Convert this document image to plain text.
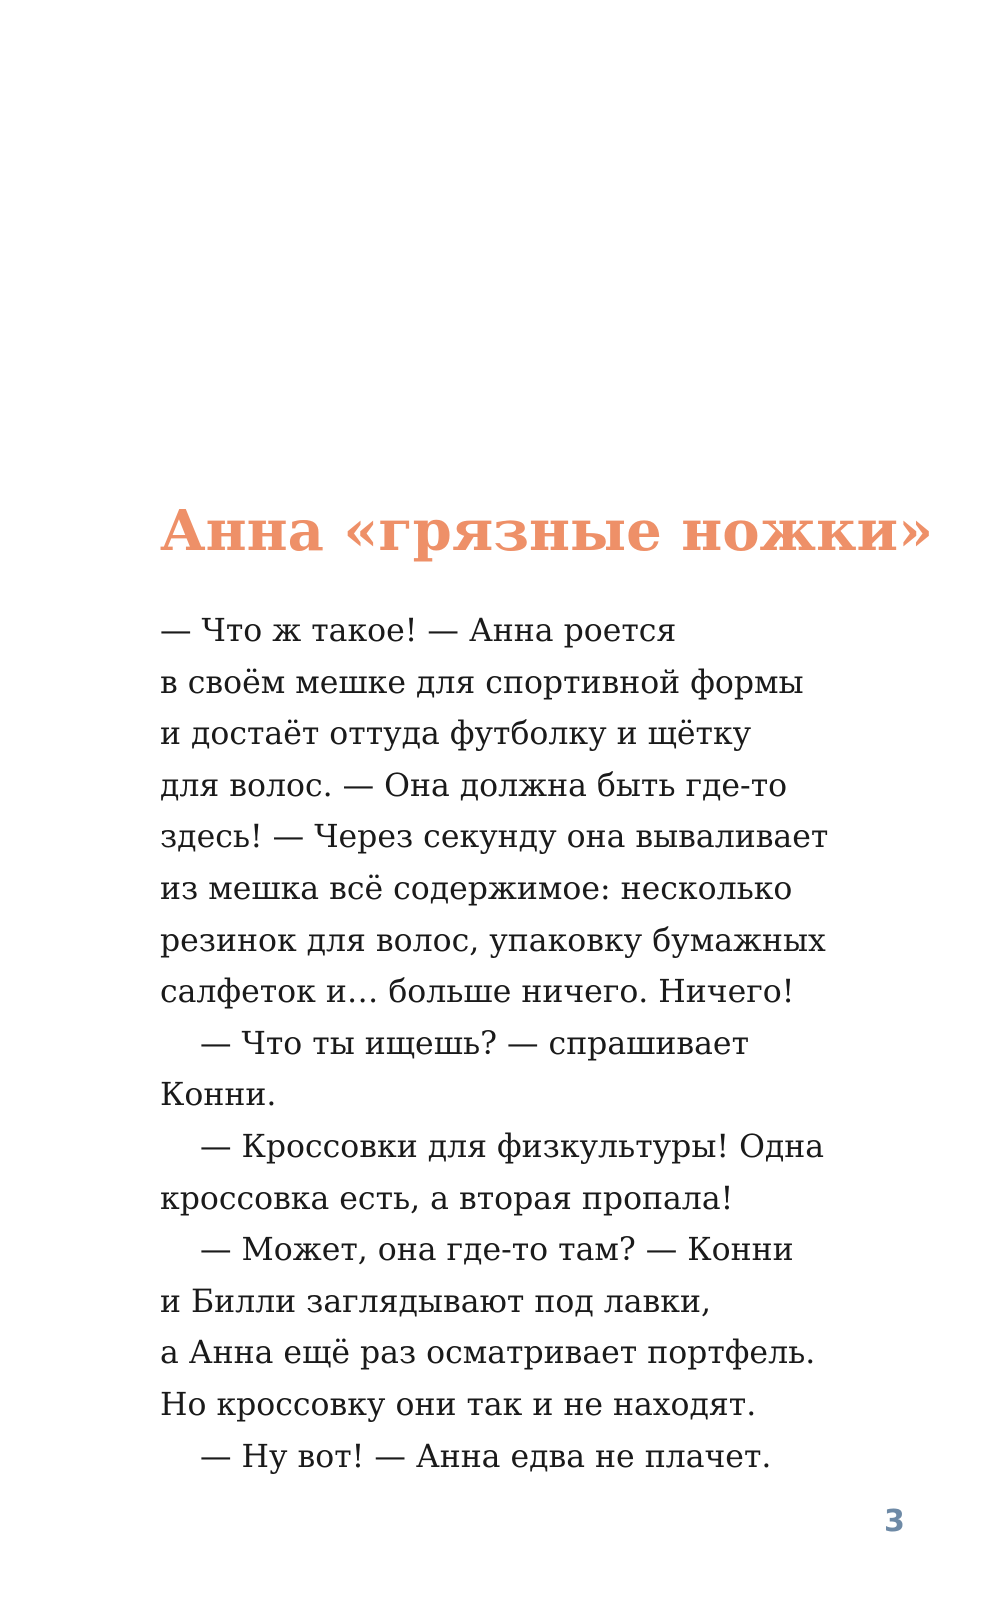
Анна «грязные ножки»
— Что ж такое! — Анна роется
в своём мешке для спортивной формы
и достаёт оттуда футболку и щётку
для волос. — Она должна быть где-то
здесь! — Через секунду она вываливает
из мешка всё содержимое: несколько
резинок для волос, упаковку бумажных
салфеток и… больше ничего. Ничего!
— Что ты ищешь? — спрашивает
Конни.
— Кроссовки для физкультуры! Одна
кроссовка есть, а вторая пропала!
— Может, она где-то там? — Конни
и Билли заглядывают под лавки,
а Анна ещё раз осматривает портфель.
Но кроссовку они так и не находят.
— Ну вот! — Анна едва не плачет.
3
